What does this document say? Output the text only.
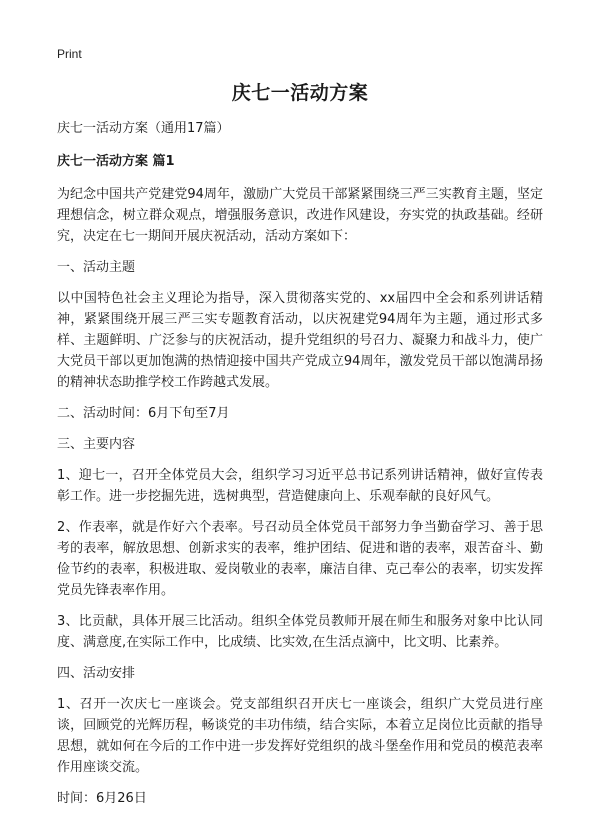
Print
庆七一活动方案

庆七一活动方案（通用17篇）

庆七一活动方案 篇1

为纪念中国共产党建党94周年，激励广大党员干部紧紧围绕三严三实教育主题，坚定理想信念，树立群众观点，增强服务意识，改进作风建设，夯实党的执政基础。经研究，决定在七一期间开展庆祝活动，活动方案如下：

一、活动主题

以中国特色社会主义理论为指导，深入贯彻落实党的、xx届四中全会和系列讲话精神，紧紧围绕开展三严三实专题教育活动，以庆祝建党94周年为主题，通过形式多样、主题鲜明、广泛参与的庆祝活动，提升党组织的号召力、凝聚力和战斗力，使广大党员干部以更加饱满的热情迎接中国共产党成立94周年，激发党员干部以饱满昂扬的精神状态助推学校工作跨越式发展。

二、活动时间：6月下旬至7月

三、主要内容

1、迎七一，召开全体党员大会，组织学习习近平总书记系列讲话精神，做好宣传表彰工作。进一步挖掘先进，选树典型，营造健康向上、乐观奉献的良好风气。

2、作表率，就是作好六个表率。号召动员全体党员干部努力争当勤奋学习、善于思考的表率，解放思想、创新求实的表率，维护团结、促进和谐的表率，艰苦奋斗、勤俭节约的表率，积极进取、爱岗敬业的表率，廉洁自律、克己奉公的表率，切实发挥党员先锋表率作用。

3、比贡献，具体开展三比活动。组织全体党员教师开展在师生和服务对象中比认同度、满意度,在实际工作中，比成绩、比实效,在生活点滴中，比文明、比素养。

四、活动安排

1、召开一次庆七一座谈会。党支部组织召开庆七一座谈会，组织广大党员进行座谈，回顾党的光辉历程，畅谈党的丰功伟绩，结合实际，本着立足岗位比贡献的指导思想，就如何在今后的工作中进一步发挥好党组织的战斗堡垒作用和党员的模范表率作用座谈交流。

时间：6月26日
